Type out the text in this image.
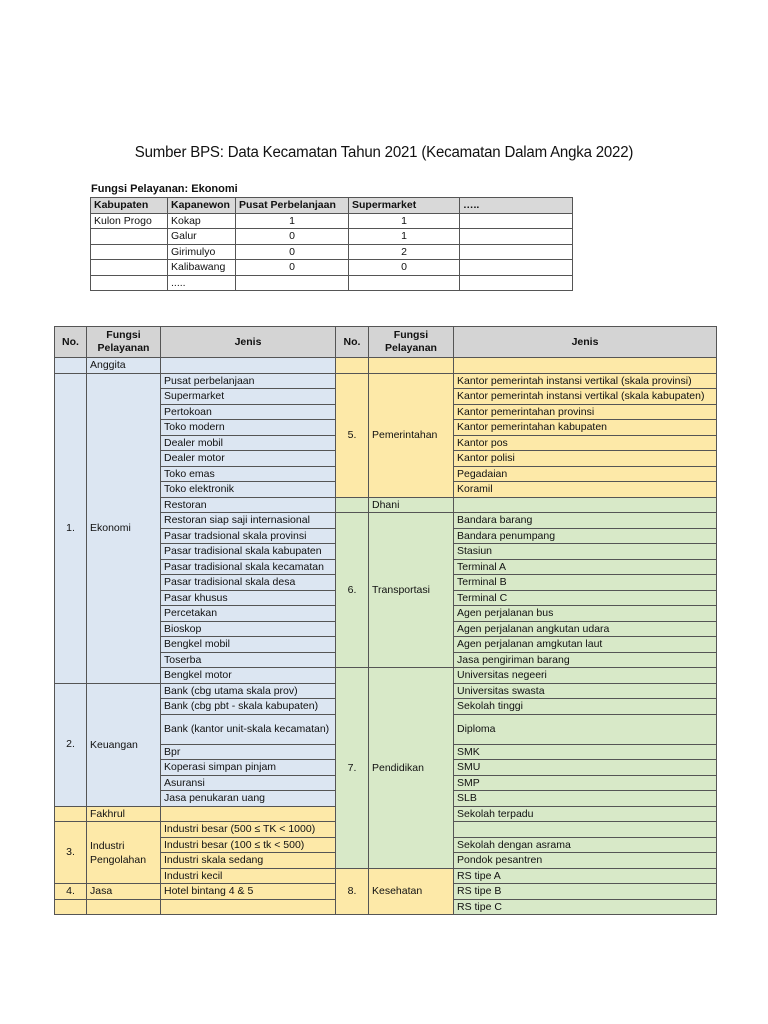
Sumber BPS: Data Kecamatan Tahun 2021 (Kecamatan Dalam Angka 2022)
Fungsi Pelayanan: Ekonomi
Kabupaten	Kapanewon	Pusat Perbelanjaan	Supermarket	…..
Kulon Progo	Kokap	1	1	
	Galur	0	1	
	Girimulyo	0	2	
	Kalibawang	0	0	
	.....			
No.	Fungsi Pelayanan	Jenis	No.	Fungsi Pelayanan	Jenis
	Anggita				
1.	Ekonomi	Pusat perbelanjaan	5.	Pemerintahan	Kantor pemerintah instansi vertikal (skala provinsi)
		Supermarket			Kantor pemerintah instansi vertikal (skala kabupaten)
		Pertokoan			Kantor pemerintahan provinsi
		Toko modern			Kantor pemerintahan kabupaten
		Dealer mobil			Kantor pos
		Dealer motor			Kantor polisi
		Toko emas			Pegadaian
		Toko elektronik			Koramil
		Restoran		Dhani	
		Restoran siap saji internasional	6.	Transportasi	Bandara barang
		Pasar tradsional skala provinsi			Bandara penumpang
		Pasar tradisional skala kabupaten			Stasiun
		Pasar tradisional skala kecamatan			Terminal A
		Pasar tradisional skala desa			Terminal B
		Pasar khusus			Terminal C
		Percetakan			Agen perjalanan bus
		Bioskop			Agen perjalanan angkutan udara
		Bengkel mobil			Agen perjalanan amgkutan laut
		Toserba			Jasa pengiriman barang
		Bengkel motor	7.	Pendidikan	Universitas negeeri
2.	Keuangan	Bank (cbg utama skala prov)			Universitas swasta
		Bank (cbg pbt - skala kabupaten)			Sekolah tinggi
		Bank (kantor unit-skala kecamatan)			Diploma
		Bpr			SMK
		Koperasi simpan pinjam			SMU
		Asuransi			SMP
		Jasa penukaran uang			SLB
	Fakhrul				Sekolah terpadu
3.	Industri Pengolahan	Industri besar (500 ≤ TK < 1000)			
		Industri besar (100 ≤ tk < 500)			Sekolah dengan asrama
		Industri skala sedang			Pondok pesantren
		Industri kecil	8.	Kesehatan	RS tipe A
4.	Jasa	Hotel bintang 4 & 5			RS tipe B
					RS tipe C
